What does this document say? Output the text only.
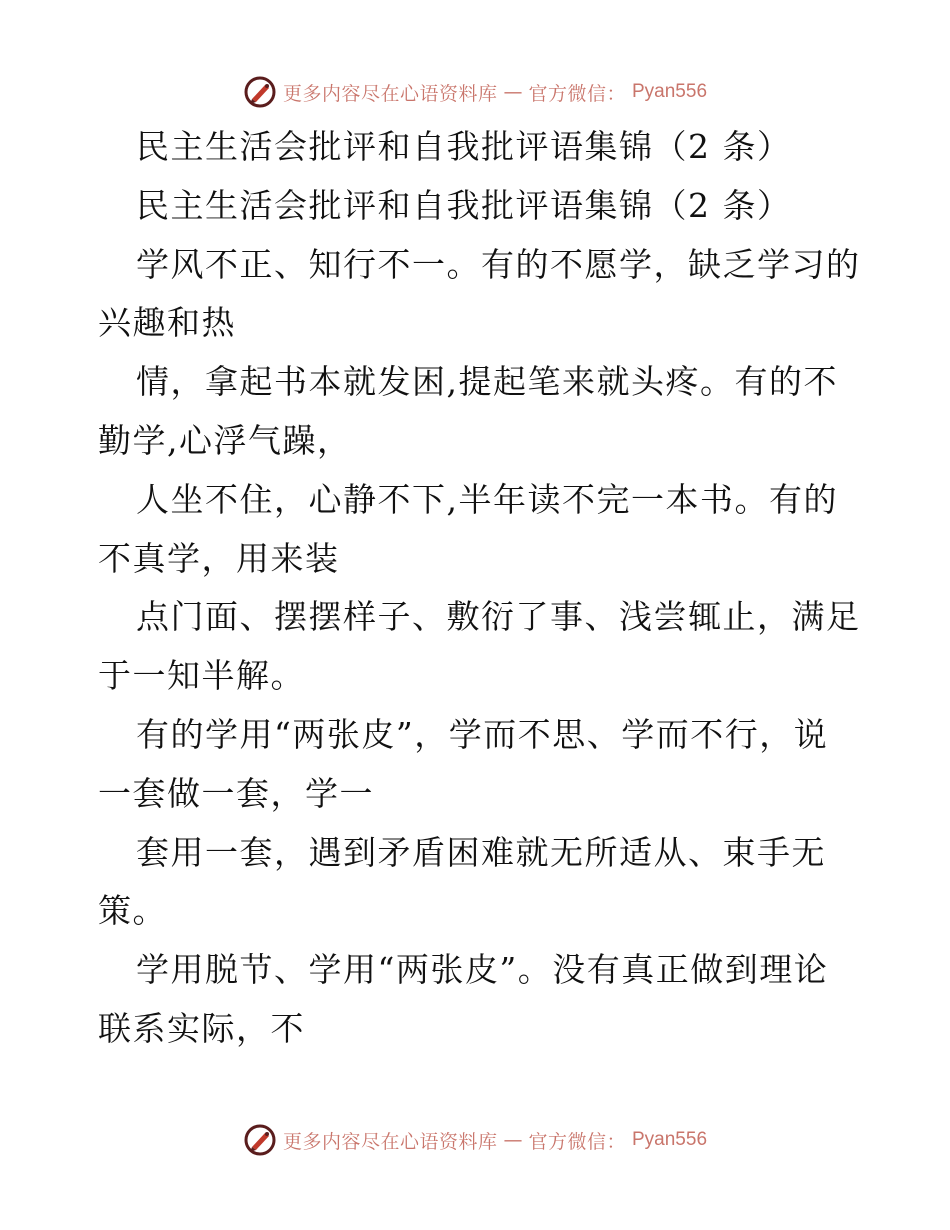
更多内容尽在心语资料库 — 官方微信： Pyan556
民主生活会批评和自我批评语集锦（2 条）
民主生活会批评和自我批评语集锦（2 条）
学风不正、知行不一。有的不愿学，缺乏学习的
兴趣和热
情，拿起书本就发困,提起笔来就头疼。有的不
勤学,心浮气躁，
人坐不住，心静不下,半年读不完一本书。有的
不真学，用来装
点门面、摆摆样子、敷衍了事、浅尝辄止，满足
于一知半解。
有的学用“两张皮”，学而不思、学而不行，说
一套做一套，学一
套用一套，遇到矛盾困难就无所适从、束手无
策。
学用脱节、学用“两张皮”。没有真正做到理论
联系实际，不
更多内容尽在心语资料库 — 官方微信： Pyan556
